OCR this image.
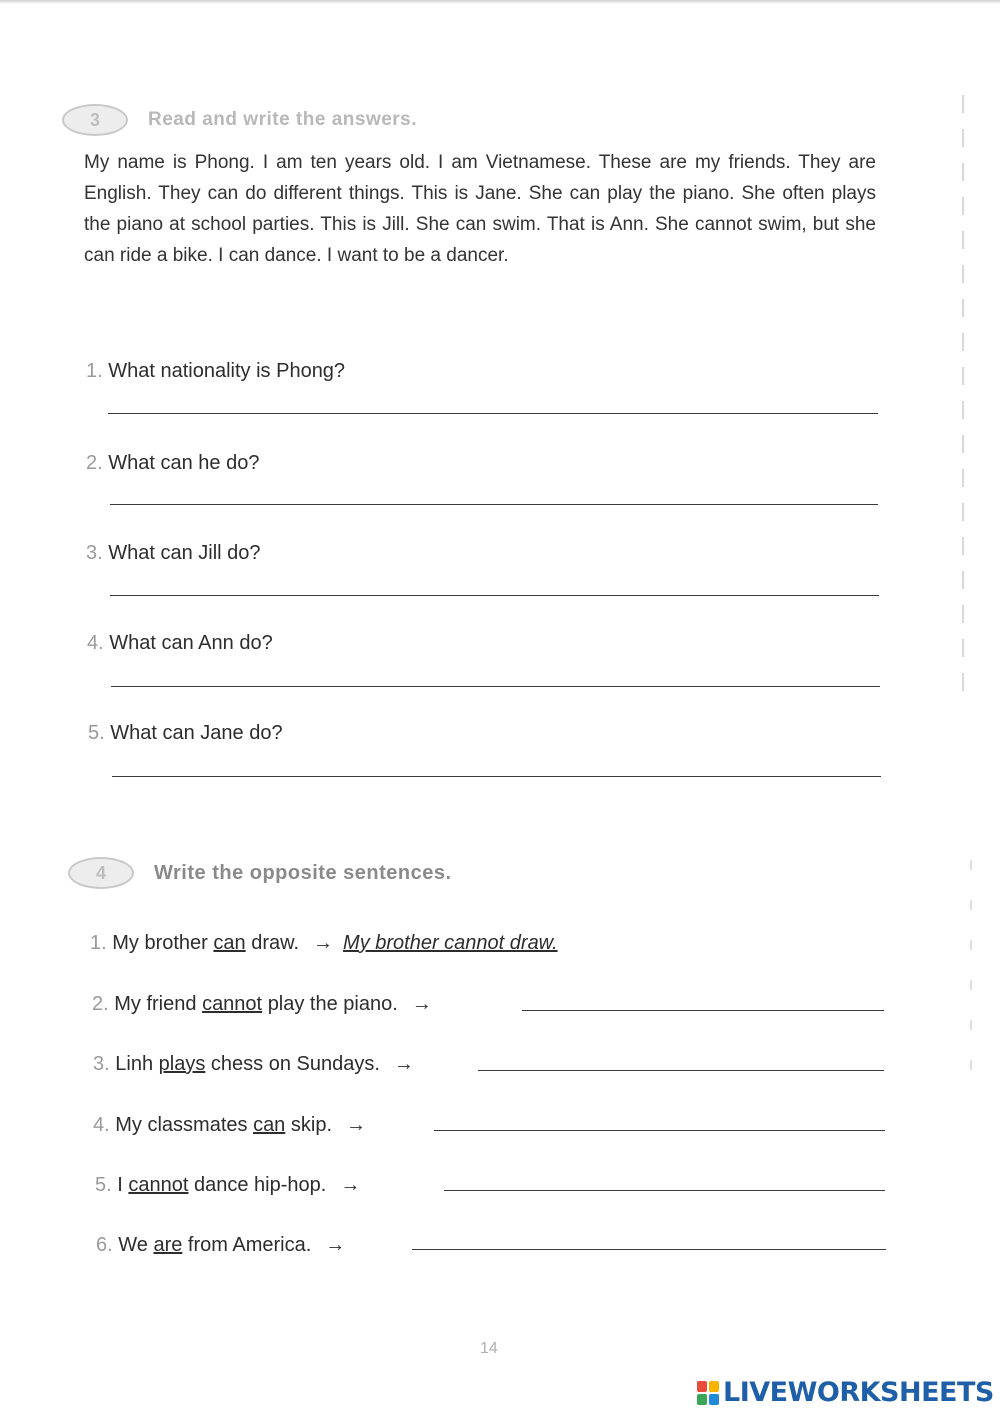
3	Read and write the answers.
My name is Phong. I am ten years old. I am Vietnamese. These are my friends. They are English. They can do different things. This is Jane. She can play the piano. She often plays the piano at school parties. This is Jill. She can swim. That is Ann. She cannot swim, but she can ride a bike. I can dance. I want to be a dancer.
1. What nationality is Phong?
2. What can he do?
3. What can Jill do?
4. What can Ann do?
5. What can Jane do?
4 Write the opposite sentences.
1.
My brother
can
draw. → My brother cannot draw.
2.
My friend
cannot
play the piano. →
3.
Linh
plays
chess on Sundays. →
4.
My classmates
can
skip. →
5.
I
cannot
dance hip-hop. →
6.
We
are
from America. →
14
LIVEWORKSHEETS
